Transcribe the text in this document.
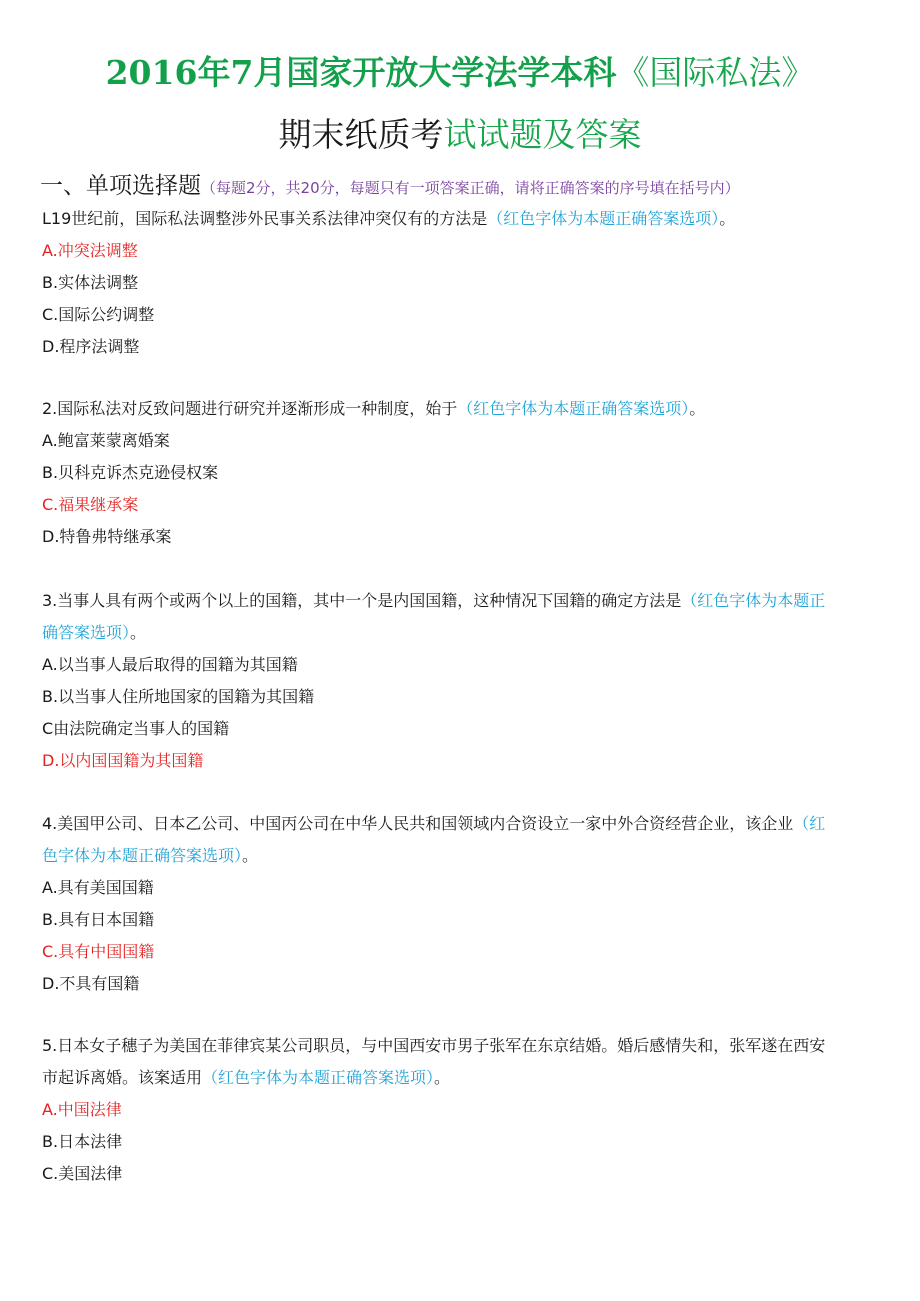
2016年7月国家开放大学法学本科《国际私法》
期末纸质考试试题及答案
一、单项选择题（每题2分，共20分，每题只有一项答案正确，请将正确答案的序号填在括号内）
L19世纪前，国际私法调整涉外民事关系法律冲突仅有的方法是（红色字体为本题正确答案选项）。
A.冲突法调整
B.实体法调整
C.国际公约调整
D.程序法调整
2.国际私法对反致问题进行研究并逐渐形成一种制度，始于（红色字体为本题正确答案选项）。
A.鲍富莱蒙离婚案
B.贝科克诉杰克逊侵权案
C.福果继承案
D.特鲁弗特继承案
3.当事人具有两个或两个以上的国籍，其中一个是内国国籍，这种情况下国籍的确定方法是（红色字体为本题正
确答案选项）。
A.以当事人最后取得的国籍为其国籍
B.以当事人住所地国家的国籍为其国籍
C由法院确定当事人的国籍
D.以内国国籍为其国籍
4.美国甲公司、日本乙公司、中国丙公司在中华人民共和国领域内合资设立一家中外合资经营企业，该企业（红
色字体为本题正确答案选项）。
A.具有美国国籍
B.具有日本国籍
C.具有中国国籍
D.不具有国籍
5.日本女子穗子为美国在菲律宾某公司职员，与中国西安市男子张军在东京结婚。婚后感情失和，张军遂在西安
市起诉离婚。该案适用（红色字体为本题正确答案选项）。
A.中国法律
B.日本法律
C.美国法律
